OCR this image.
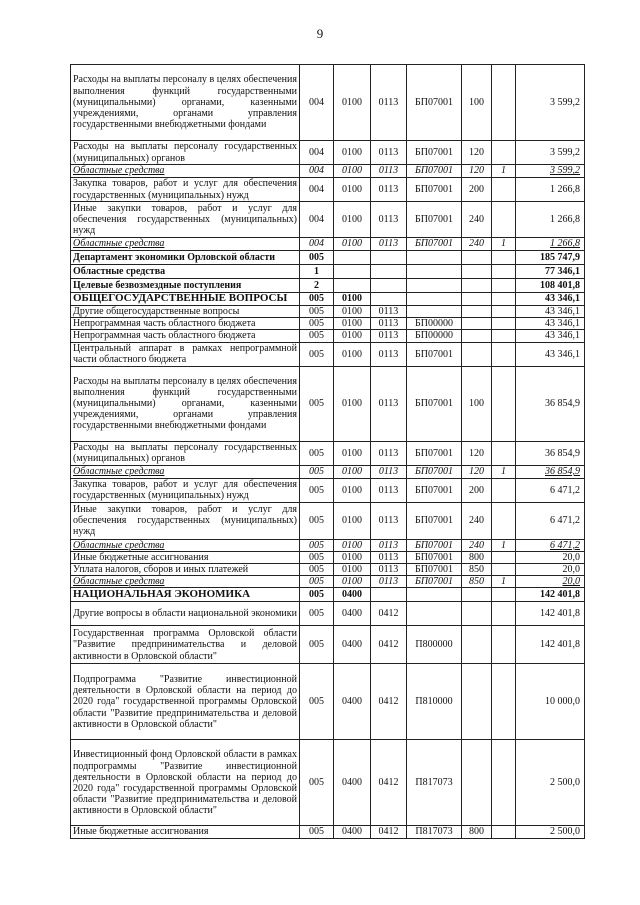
9
Расходы на выплаты персоналу в целях обеспечения выполнения функций государственными (муниципальными) органами, казенными учреждениями, органами управления государственными внебюджетными фондами	004	0100	0113	БП07001	100		3 599,2
Расходы на выплаты персоналу государственных (муниципальных) органов	004	0100	0113	БП07001	120		3 599,2
Областные средства	004	0100	0113	БП07001	120	1	3 599,2
Закупка товаров, работ и услуг для обеспечения государственных (муниципальных) нужд	004	0100	0113	БП07001	200		1 266,8
Иные закупки товаров, работ и услуг для обеспечения государственных (муниципальных) нужд	004	0100	0113	БП07001	240		1 266,8
Областные средства	004	0100	0113	БП07001	240	1	1 266,8
Департамент экономики Орловской области	005						185 747,9
Областные средства	1						77 346,1
Целевые безвозмездные поступления	2						108 401,8
ОБЩЕГОСУДАРСТВЕННЫЕ ВОПРОСЫ	005	0100					43 346,1
Другие общегосударственные вопросы	005	0100	0113				43 346,1
Непрограммная часть областного бюджета	005	0100	0113	БП00000			43 346,1
Непрограммная часть областного бюджета	005	0100	0113	БП00000			43 346,1
Центральный аппарат в рамках непрограммной части областного бюджета	005	0100	0113	БП07001			43 346,1
Расходы на выплаты персоналу в целях обеспечения выполнения функций государственными (муниципальными) органами, казенными учреждениями, органами управления государственными внебюджетными фондами	005	0100	0113	БП07001	100		36 854,9
Расходы на выплаты персоналу государственных (муниципальных) органов	005	0100	0113	БП07001	120		36 854,9
Областные средства	005	0100	0113	БП07001	120	1	36 854,9
Закупка товаров, работ и услуг для обеспечения государственных (муниципальных) нужд	005	0100	0113	БП07001	200		6 471,2
Иные закупки товаров, работ и услуг для обеспечения государственных (муниципальных) нужд	005	0100	0113	БП07001	240		6 471,2
Областные средства	005	0100	0113	БП07001	240	1	6 471,2
Иные бюджетные ассигнования	005	0100	0113	БП07001	800		20,0
Уплата налогов, сборов и иных платежей	005	0100	0113	БП07001	850		20,0
Областные средства	005	0100	0113	БП07001	850	1	20,0
НАЦИОНАЛЬНАЯ ЭКОНОМИКА	005	0400					142 401,8
Другие вопросы в области национальной экономики	005	0400	0412				142 401,8
Государственная программа Орловской области "Развитие предпринимательства и деловой активности в Орловской области"	005	0400	0412	П800000			142 401,8
Подпрограмма "Развитие инвестиционной деятельности в Орловской области на период до 2020 года" государственной программы Орловской области "Развитие предпринимательства и деловой активности в Орловской области"	005	0400	0412	П810000			10 000,0
Инвестиционный фонд Орловской области в рамках подпрограммы "Развитие инвестиционной деятельности в Орловской области на период до 2020 года" государственной программы Орловской области "Развитие предпринимательства и деловой активности в Орловской области"	005	0400	0412	П817073			2 500,0
Иные бюджетные ассигнования	005	0400	0412	П817073	800		2 500,0
